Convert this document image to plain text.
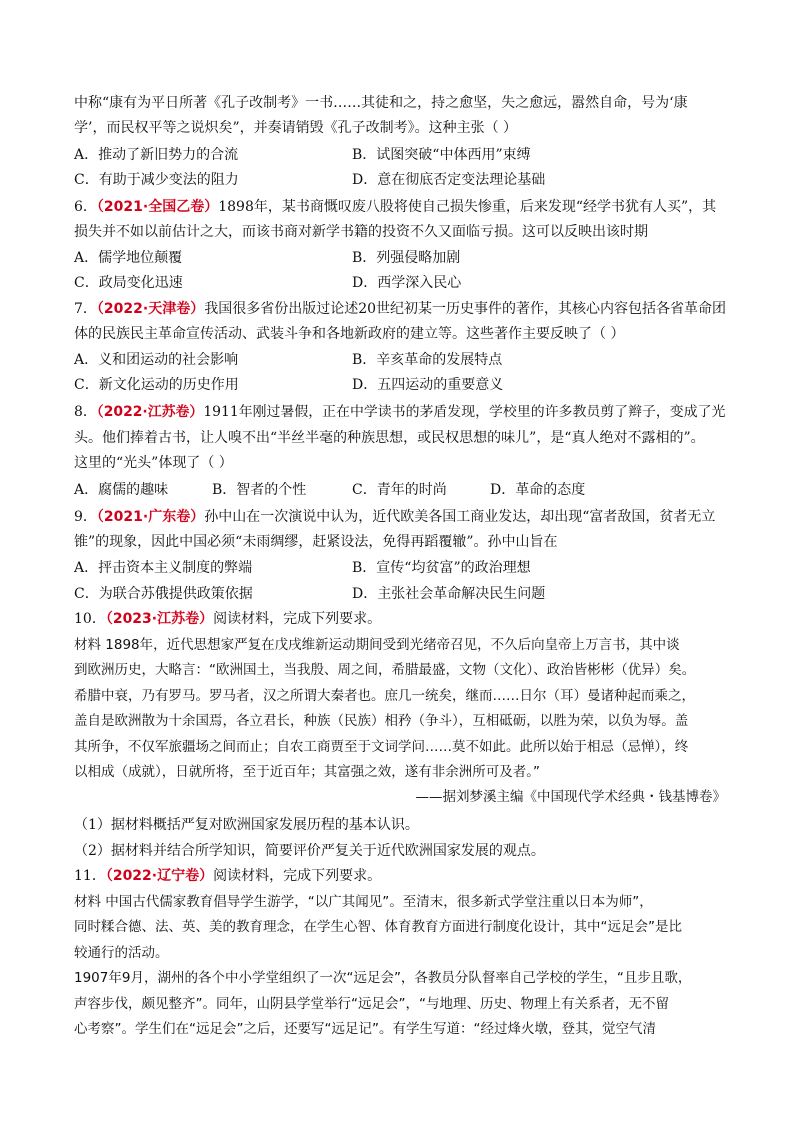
中称“康有为平日所著《孔子改制考》一书……其徒和之，持之愈坚，失之愈远，嚣然自命，号为‘康
学’，而民权平等之说炽矣”，并奏请销毁《孔子改制考》。这种主张（ ）
A．推动了新旧势力的合流	B．试图突破“中体西用”束缚
C．有助于减少变法的阻力	D．意在彻底否定变法理论基础
6．（2021·全国乙卷）1898年，某书商慨叹废八股将使自己损失惨重，后来发现“经学书犹有人买”，其
损失并不如以前估计之大，而该书商对新学书籍的投资不久又面临亏损。这可以反映出该时期
A．儒学地位颠覆	B．列强侵略加剧
C．政局变化迅速	D．西学深入民心
7．（2022·天津卷）我国很多省份出版过论述20世纪初某一历史事件的著作，其核心内容包括各省革命团
体的民族民主革命宣传活动、武装斗争和各地新政府的建立等。这些著作主要反映了（ ）
A．义和团运动的社会影响	B．辛亥革命的发展特点
C．新文化运动的历史作用	D．五四运动的重要意义
8．（2022·江苏卷）1911年刚过暑假，正在中学读书的茅盾发现，学校里的许多教员剪了辫子，变成了光
头。他们捧着古书，让人嗅不出“半丝半毫的种族思想，或民权思想的味儿”，是“真人绝对不露相的”。
这里的“光头”体现了（ ）
A．腐儒的趣味	B．智者的个性	C．青年的时尚	D．革命的态度
9．（2021·广东卷）孙中山在一次演说中认为，近代欧美各国工商业发达，却出现“富者敌国，贫者无立
锥”的现象，因此中国必须“未雨绸缪，赶紧设法，免得再蹈覆辙”。孙中山旨在
A．抨击资本主义制度的弊端	B．宣传“均贫富”的政治理想
C．为联合苏俄提供政策依据	D．主张社会革命解决民生问题
10．（2023·江苏卷）阅读材料，完成下列要求。
材料 1898年，近代思想家严复在戊戌维新运动期间受到光绪帝召见，不久后向皇帝上万言书，其中谈
到欧洲历史，大略言：“欧洲国土，当我殷、周之间，希腊最盛，文物（文化）、政治皆彬彬（优异）矣。
希腊中衰，乃有罗马。罗马者，汉之所谓大秦者也。庶几一统矣，继而……日尔（耳）曼诸种起而乘之，
盖自是欧洲散为十余国焉，各立君长，种族（民族）相矜（争斗），互相砥砺，以胜为荣，以负为辱。盖
其所争，不仅军旅疆场之间而止；自农工商贾至于文词学问……莫不如此。此所以始于相忌（忌惮），终
以相成（成就），日就所将，至于近百年；其富强之效，遂有非余洲所可及者。”
——据刘梦溪主编《中国现代学术经典・钱基博卷》
（1）据材料概括严复对欧洲国家发展历程的基本认识。
（2）据材料并结合所学知识，简要评价严复关于近代欧洲国家发展的观点。
11．（2022·辽宁卷）阅读材料，完成下列要求。
材料 中国古代儒家教育倡导学生游学，“以广其闻见”。至清末，很多新式学堂注重以日本为师”，
同时糅合德、法、英、美的教育理念，在学生心智、体育教育方面进行制度化设计，其中“远足会”是比
较通行的活动。
1907年9月，湖州的各个中小学堂组织了一次“远足会”，各教员分队督率自己学校的学生，“且步且歌，
声容步伐，颇见整齐”。同年，山阴县学堂举行“远足会”，“与地理、历史、物理上有关系者，无不留
心考察”。学生们在“远足会”之后，还要写“远足记”。有学生写道：“经过烽火墩，登其，觉空气清
